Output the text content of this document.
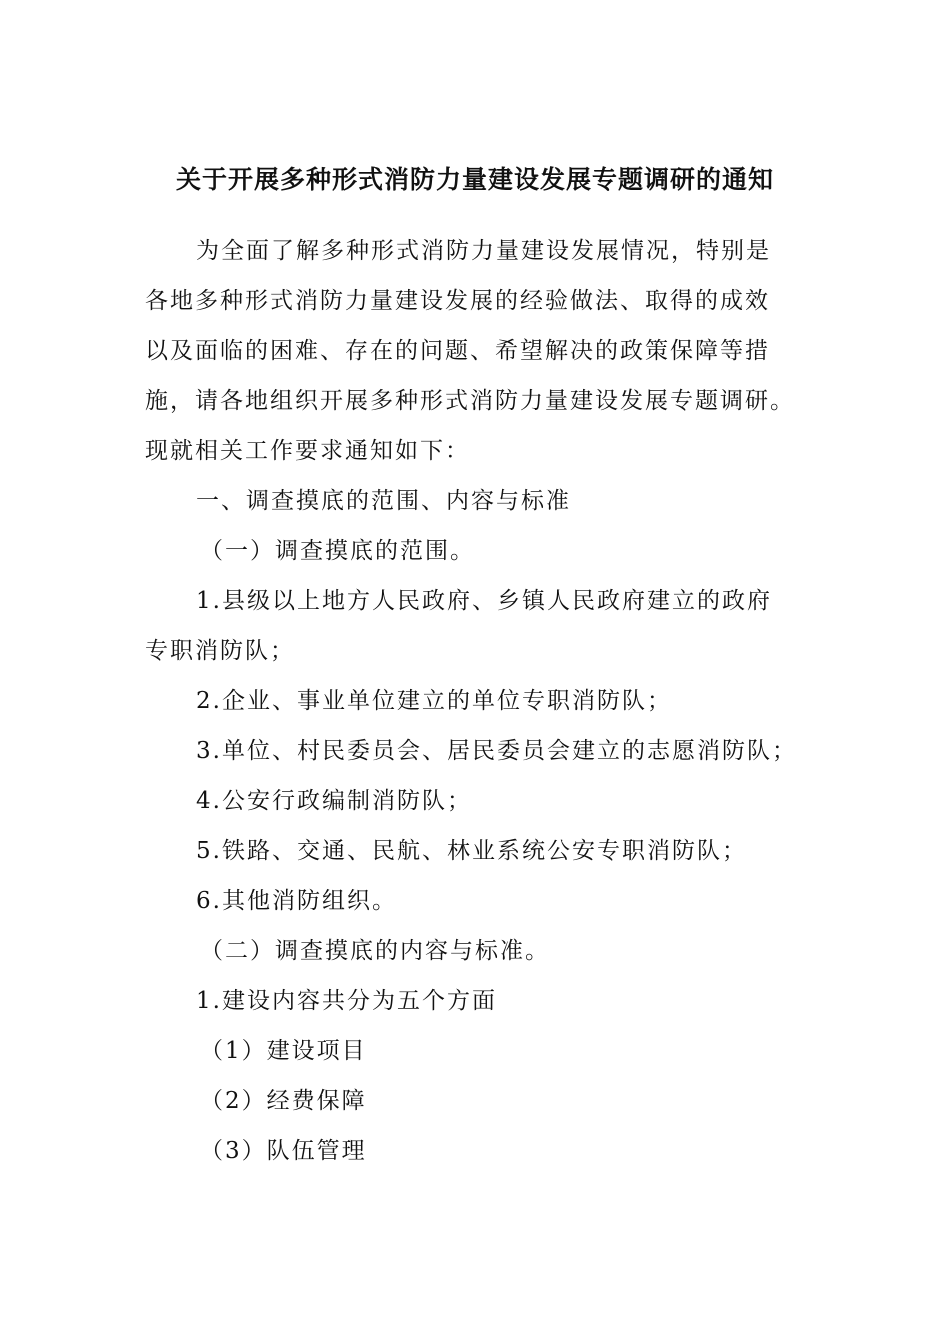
关于开展多种形式消防力量建设发展专题调研的通知
为全面了解多种形式消防力量建设发展情况，特别是
各地多种形式消防力量建设发展的经验做法、取得的成效
以及面临的困难、存在的问题、希望解决的政策保障等措
施，请各地组织开展多种形式消防力量建设发展专题调研。
现就相关工作要求通知如下：
一、调查摸底的范围、内容与标准
（一）调查摸底的范围。
1.县级以上地方人民政府、乡镇人民政府建立的政府
专职消防队；
2.企业、事业单位建立的单位专职消防队；
3.单位、村民委员会、居民委员会建立的志愿消防队；
4.公安行政编制消防队；
5.铁路、交通、民航、林业系统公安专职消防队；
6.其他消防组织。
（二）调查摸底的内容与标准。
1.建设内容共分为五个方面
（1）建设项目
（2）经费保障
（3）队伍管理
